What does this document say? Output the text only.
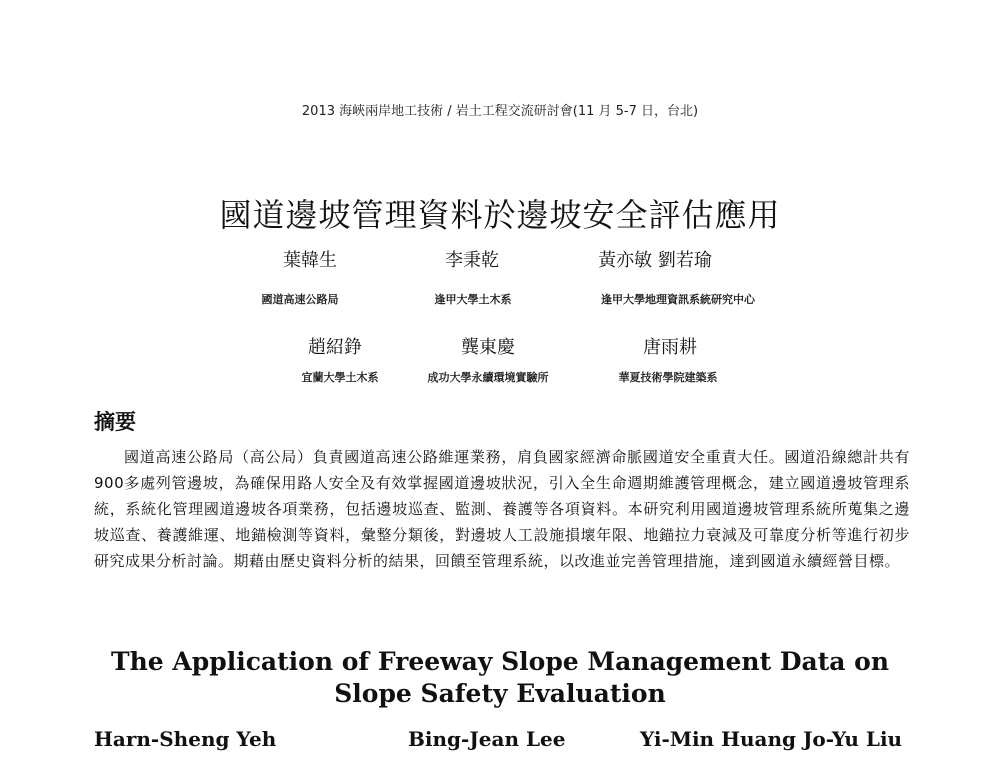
2013 海峽兩岸地工技術 / 岩土工程交流研討會(11 月 5-7 日，台北)
國道邊坡管理資料於邊坡安全評估應用
葉韓生	李秉乾	黃亦敏 劉若瑜
國道高速公路局	逢甲大學土木系	逢甲大學地理資訊系統研究中心
趙紹錚	龔東慶	唐雨耕
宜蘭大學土木系	成功大學永續環境實驗所	華夏技術學院建築系
摘要
國道高速公路局（高公局）負責國道高速公路維運業務，肩負國家經濟命脈國道安全重責大任。國道沿線總計共有900多處列管邊坡，為確保用路人安全及有效掌握國道邊坡狀況，引入全生命週期維護管理概念，建立國道邊坡管理系統，系統化管理國道邊坡各項業務，包括邊坡巡查、監測、養護等各項資料。本研究利用國道邊坡管理系統所蒐集之邊坡巡查、養護維運、地錨檢測等資料，彙整分類後，對邊坡人工設施損壞年限、地錨拉力衰減及可靠度分析等進行初步研究成果分析討論。期藉由歷史資料分析的結果，回饋至管理系統，以改進並完善管理措施，達到國道永續經營目標。
The Application of Freeway Slope Management Data on
Slope Safety Evaluation
Harn-Sheng Yeh	Bing-Jean Lee	Yi-Min Huang Jo-Yu Liu
